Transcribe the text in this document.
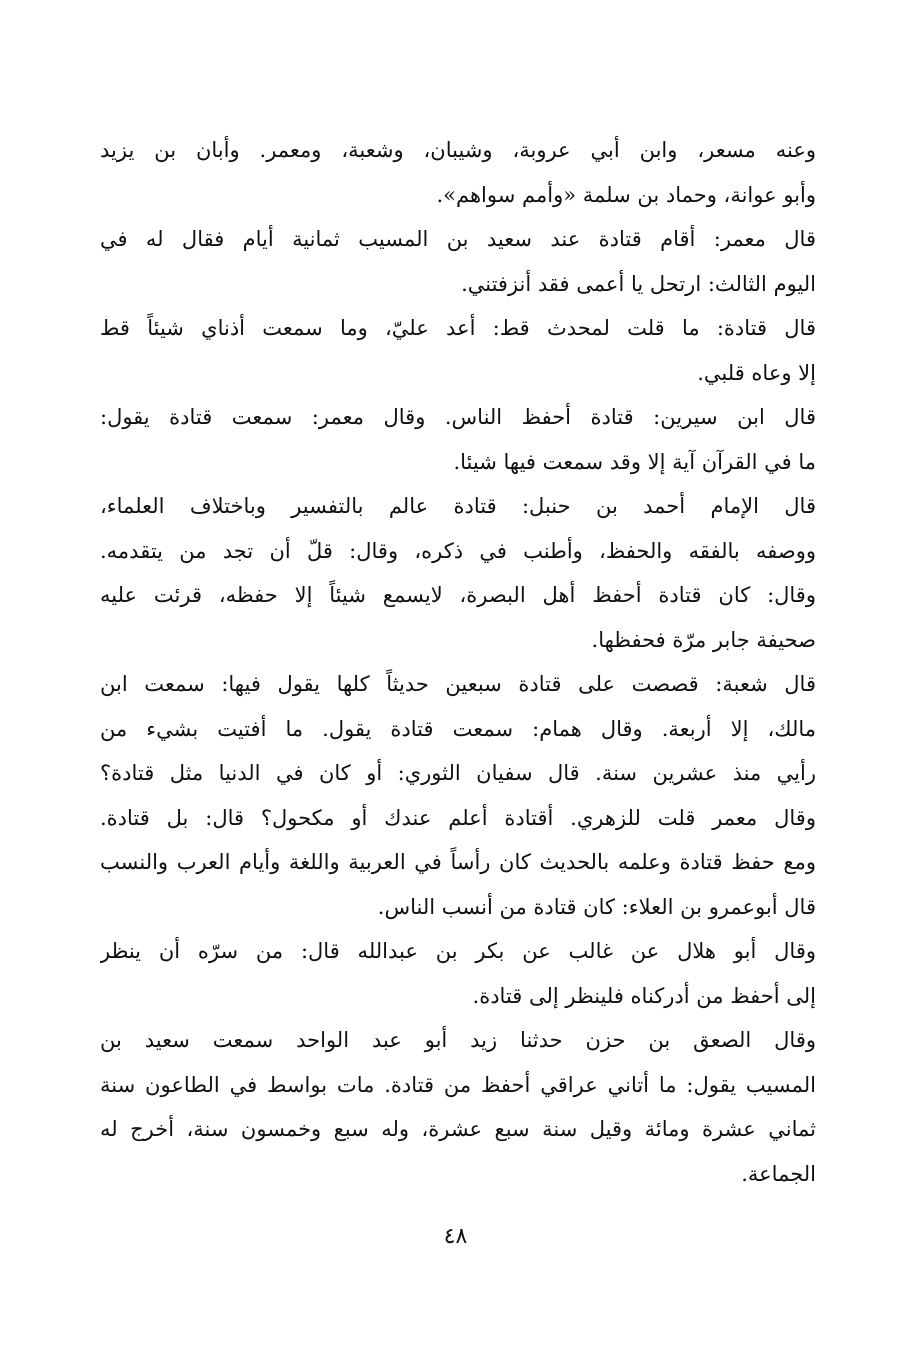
وعنه مسعر، وابن أبي عروبة، وشيبان، وشعبة، ومعمر. وأبان بن يزيد
وأبو عوانة، وحماد بن سلمة «وأمم سواهم».
قال معمر: أقام قتادة عند سعيد بن المسيب ثمانية أيام فقال له في
اليوم الثالث: ارتحل يا أعمى فقد أنزفتني.
قال قتادة: ما قلت لمحدث قط: أعد عليّ، وما سمعت أذناي شيئاً قط
إلا وعاه قلبي.
قال ابن سيرين: قتادة أحفظ الناس. وقال معمر: سمعت قتادة يقول:
ما في القرآن آية إلا وقد سمعت فيها شيئا.
قال الإمام أحمد بن حنبل: قتادة عالم بالتفسير وباختلاف العلماء،
ووصفه بالفقه والحفظ، وأطنب في ذكره، وقال: قلّ أن تجد من يتقدمه.
وقال: كان قتادة أحفظ أهل البصرة، لايسمع شيئاً إلا حفظه، قرئت عليه
صحيفة جابر مرّة فحفظها.
قال شعبة: قصصت على قتادة سبعين حديثاً كلها يقول فيها: سمعت ابن
مالك، إلا أربعة. وقال همام: سمعت قتادة يقول. ما أفتيت بشيء من
رأيي منذ عشرين سنة. قال سفيان الثوري: أو كان في الدنيا مثل قتادة؟
وقال معمر قلت للزهري. أقتادة أعلم عندك أو مكحول؟ قال: بل قتادة.
ومع حفظ قتادة وعلمه بالحديث كان رأساً في العربية واللغة وأيام العرب والنسب
قال أبوعمرو بن العلاء: كان قتادة من أنسب الناس.
وقال أبو هلال عن غالب عن بكر بن عبدالله قال: من سرّه أن ينظر
إلى أحفظ من أدركناه فلينظر إلى قتادة.
وقال الصعق بن حزن حدثنا زيد أبو عبد الواحد سمعت سعيد بن
المسيب يقول: ما أتاني عراقي أحفظ من قتادة. مات بواسط في الطاعون سنة
ثماني عشرة ومائة وقيل سنة سبع عشرة، وله سبع وخمسون سنة، أخرج له
الجماعة.
٤٨
